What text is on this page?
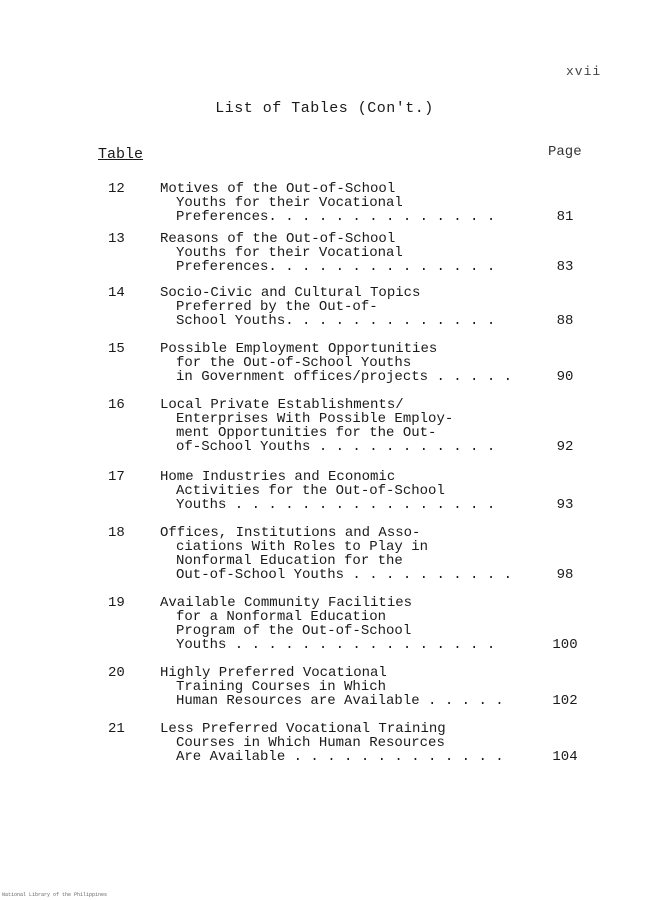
xvii
List of Tables (Con't.)
Table	Page
12	Motives of the Out-of-School
Youths for their Vocational
Preferences. . . . . . . . . . . . . .	81
13	Reasons of the Out-of-School
Youths for their Vocational
Preferences. . . . . . . . . . . . . .	83
14	Socio-Civic and Cultural Topics
Preferred by the Out-of-
School Youths. . . . . . . . . . . . .	88
15	Possible Employment Opportunities
for the Out-of-School Youths
in Government offices/projects . . . . .	90
16	Local Private Establishments/
Enterprises With Possible Employ-
ment Opportunities for the Out-
of-School Youths . . . . . . . . . . .	92
17	Home Industries and Economic
Activities for the Out-of-School
Youths . . . . . . . . . . . . . . . .	93
18	Offices, Institutions and Asso-
ciations With Roles to Play in
Nonformal Education for the
Out-of-School Youths . . . . . . . . . .	98
19	Available Community Facilities
for a Nonformal Education
Program of the Out-of-School
Youths . . . . . . . . . . . . . . . .	100
20	Highly Preferred Vocational
Training Courses in Which
Human Resources are Available . . . . .	102
21	Less Preferred Vocational Training
Courses in Which Human Resources
Are Available . . . . . . . . . . . . .	104
National Library of the Philippines
